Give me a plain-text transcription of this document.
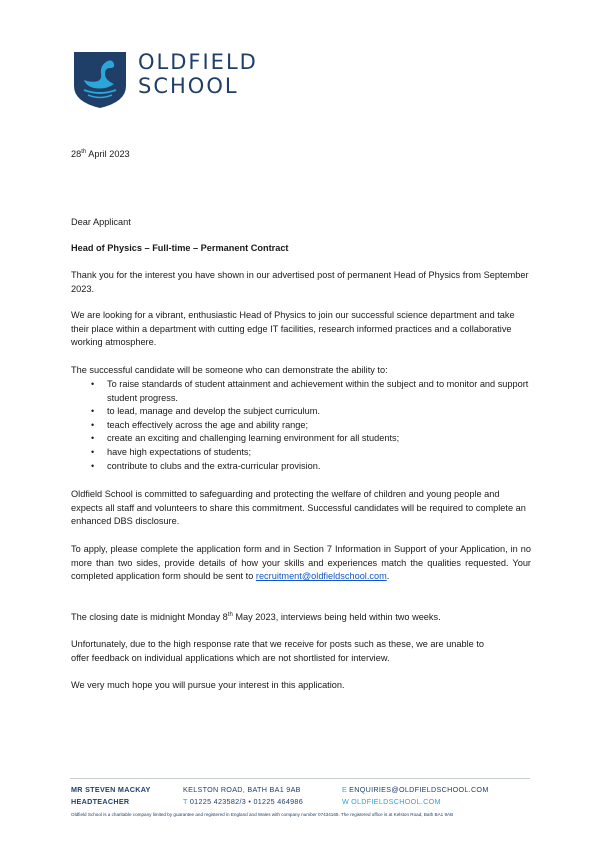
OLDFIELD
SCHOOL

28th April 2023

Dear Applicant

Head of Physics – Full-time – Permanent Contract

Thank you for the interest you have shown in our advertised post of permanent Head of Physics from September 2023.

We are looking for a vibrant, enthusiastic Head of Physics to join our successful science department and take their place within a department with cutting edge IT facilities, research informed practices and a collaborative working atmosphere.

The successful candidate will be someone who can demonstrate the ability to:

• To raise standards of student attainment and achievement within the subject and to monitor and support student progress.
• to lead, manage and develop the subject curriculum.
• teach effectively across the age and ability range;
• create an exciting and challenging learning environment for all students;
• have high expectations of students;
• contribute to clubs and the extra-curricular provision.

Oldfield School is committed to safeguarding and protecting the welfare of children and young people and expects all staff and volunteers to share this commitment. Successful candidates will be required to complete an enhanced DBS disclosure.

To apply, please complete the application form and in Section 7 Information in Support of your Application, in no more than two sides, provide details of how your skills and experiences match the qualities requested. Your completed application form should be sent to recruitment@oldfieldschool.com.

The closing date is midnight Monday 8th May 2023, interviews being held within two weeks.

Unfortunately, due to the high response rate that we receive for posts such as these, we are unable to offer feedback on individual applications which are not shortlisted for interview.

We very much hope you will pursue your interest in this application.

MR STEVEN MACKAY
HEADTEACHER
KELSTON ROAD, BATH BA1 9AB
T 01225 423582/3 • 01225 464986
E ENQUIRIES@OLDFIELDSCHOOL.COM
W OLDFIELDSCHOOL.COM
Oldfield School is a charitable company limited by guarantee and registered in England and Wales with company number 07434165. The registered office is at Kelston Road, Bath BA1 9AB
